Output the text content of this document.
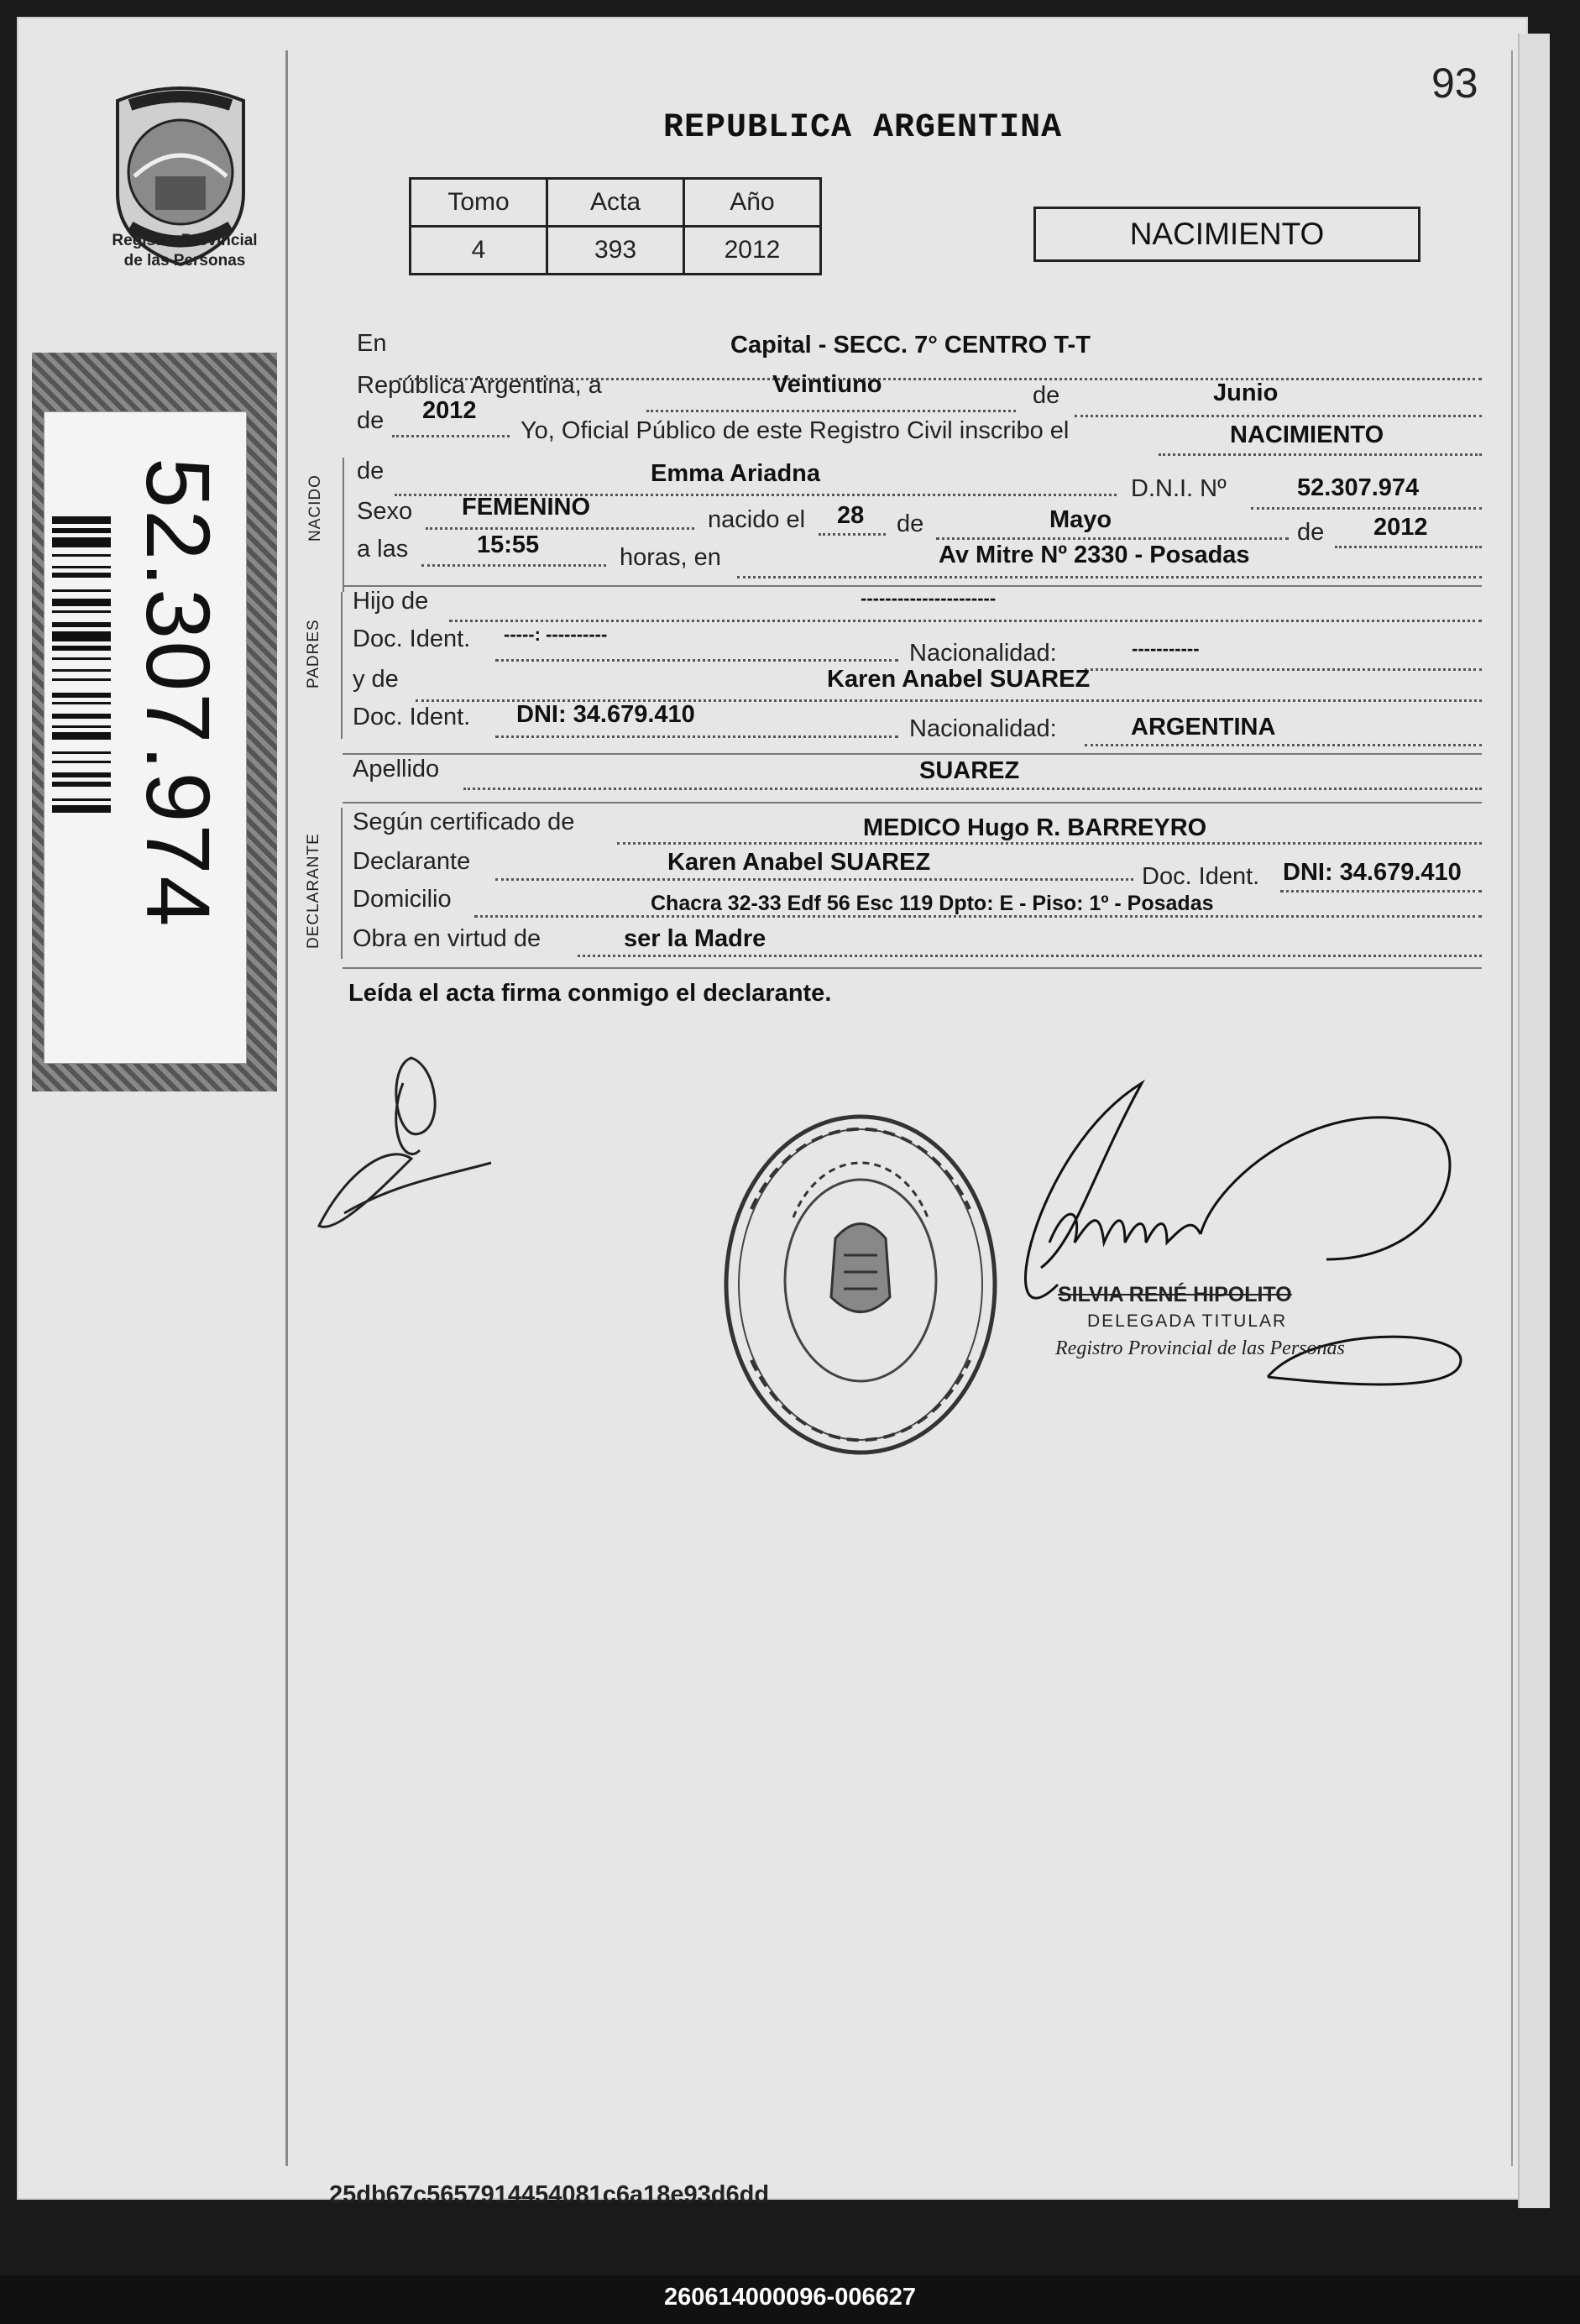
Registro Provincial
de las Personas
52.307.974
93
REPUBLICA ARGENTINA
Tomo	Acta	Año
4	393	2012	NACIMIENTO
En	Capital - SECC. 7° CENTRO T-T
República Argentina, a	Veintiuno	de	Junio
de 2012
Yo, Oficial Público de este Registro Civil inscribo el	NACIMIENTO
NACIDO
de	Emma Ariadna
D.N.I. Nº	52.307.974
Sexo FEMENINO	nacido el 28 de	Mayo	de 2012
a las	15:55	horas, en	Av Mitre Nº 2330 - Posadas
PADRES
Hijo de	----------------------
Doc. Ident. -----: ----------
Nacionalidad:	-----------
y de	Karen Anabel SUAREZ
Doc. Ident. DNI: 34.679.410
Nacionalidad:	ARGENTINA
Apellido	SUAREZ
DECLARANTE
Según certificado de	MEDICO Hugo R. BARREYRO
Declarante	Karen Anabel SUAREZ
Doc. Ident. DNI: 34.679.410
Domicilio	Chacra 32-33 Edf 56 Esc 119 Dpto: E - Piso: 1º - Posadas
Obra en virtud de	ser la Madre
Leída el acta firma conmigo el declarante.
SILVIA RENÉ HIPOLITO
DELEGADA TITULAR
Registro Provincial de las Personas
25db67c5657914454081c6a18e93d6dd
260614000096-006627
